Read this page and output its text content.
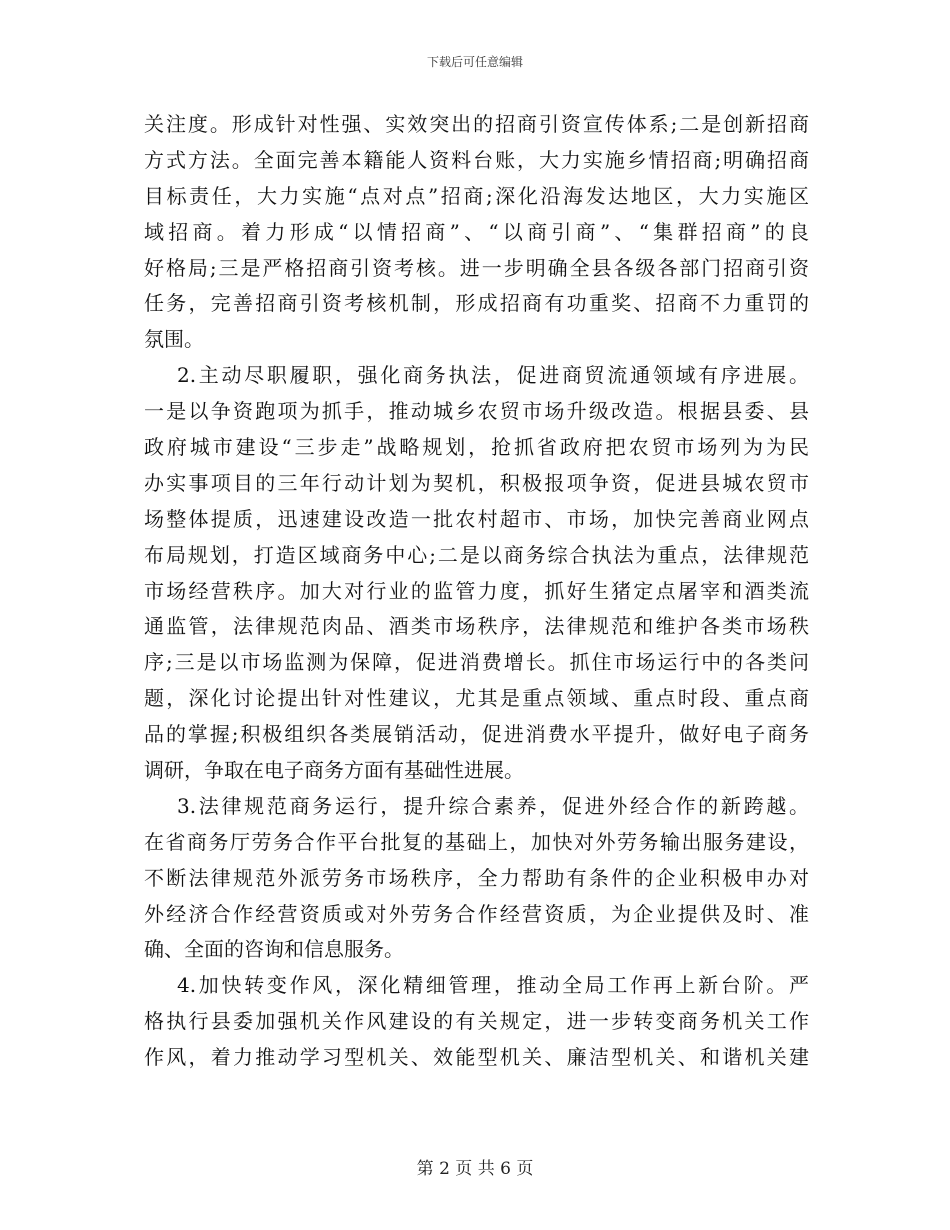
下载后可任意编辑
关注度。形成针对性强、实效突出的招商引资宣传体系;二是创新招商
方式方法。全面完善本籍能人资料台账，大力实施乡情招商;明确招商
目标责任，大力实施“点对点”招商;深化沿海发达地区，大力实施区
域招商。着力形成“以情招商”、“以商引商”、“集群招商”的良
好格局;三是严格招商引资考核。进一步明确全县各级各部门招商引资
任务，完善招商引资考核机制，形成招商有功重奖、招商不力重罚的
氛围。
2.主动尽职履职，强化商务执法，促进商贸流通领域有序进展。
一是以争资跑项为抓手，推动城乡农贸市场升级改造。根据县委、县
政府城市建设“三步走”战略规划，抢抓省政府把农贸市场列为为民
办实事项目的三年行动计划为契机，积极报项争资，促进县城农贸市
场整体提质，迅速建设改造一批农村超市、市场，加快完善商业网点
布局规划，打造区域商务中心;二是以商务综合执法为重点，法律规范
市场经营秩序。加大对行业的监管力度，抓好生猪定点屠宰和酒类流
通监管，法律规范肉品、酒类市场秩序，法律规范和维护各类市场秩
序;三是以市场监测为保障，促进消费增长。抓住市场运行中的各类问
题，深化讨论提出针对性建议，尤其是重点领域、重点时段、重点商
品的掌握;积极组织各类展销活动，促进消费水平提升，做好电子商务
调研，争取在电子商务方面有基础性进展。
3.法律规范商务运行，提升综合素养，促进外经合作的新跨越。
在省商务厅劳务合作平台批复的基础上，加快对外劳务输出服务建设，
不断法律规范外派劳务市场秩序，全力帮助有条件的企业积极申办对
外经济合作经营资质或对外劳务合作经营资质，为企业提供及时、准
确、全面的咨询和信息服务。
4.加快转变作风，深化精细管理，推动全局工作再上新台阶。严
格执行县委加强机关作风建设的有关规定，进一步转变商务机关工作
作风，着力推动学习型机关、效能型机关、廉洁型机关、和谐机关建
第 2 页 共 6 页
